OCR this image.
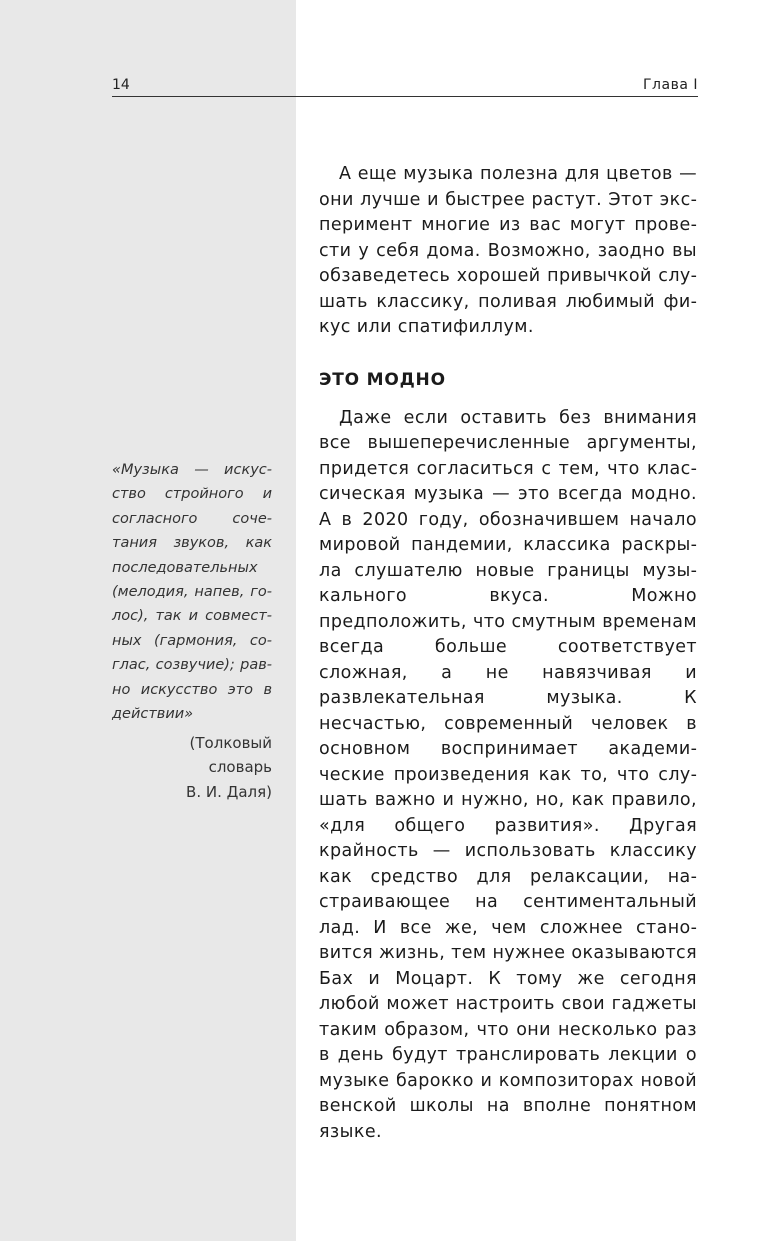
14	Глава I

А еще музыка полезна для цветов — они лучше и быстрее растут. Этот эксперимент многие из вас могут провести у себя дома. Возможно, заодно вы обзаведетесь хорошей привычкой слушать классику, поливая любимый фикус или спатифиллум.

ЭТО МОДНО

Даже если оставить без внимания все вышеперечисленные аргументы, придется согласиться с тем, что классическая музыка — это всегда модно. А в 2020 году, обозначившем начало мировой пандемии, классика раскрыла слушателю новые границы музыкального вкуса. Можно предположить, что смутным временам всегда больше соответствует сложная, а не навязчивая и развлекательная музыка. К несчастью, современный человек в основном воспринимает академические произведения как то, что слушать важно и нужно, но, как правило, «для общего развития». Другая крайность — использовать классику как средство для релаксации, настраивающее на сентиментальный лад. И все же, чем сложнее становится жизнь, тем нужнее оказываются Бах и Моцарт. К тому же сегодня любой может настроить свои гаджеты таким образом, что они несколько раз в день будут транслировать лекции о музыке барокко и композиторах новой венской школы на вполне понятном языке.

«Музыка — искусство стройного и согласного сочетания звуков, как последовательных (мелодия, напев, голос), так и совместных (гармония, соглас, созвучие); равно искусство это в действии»
(Толковый
словарь
В. И. Даля)
